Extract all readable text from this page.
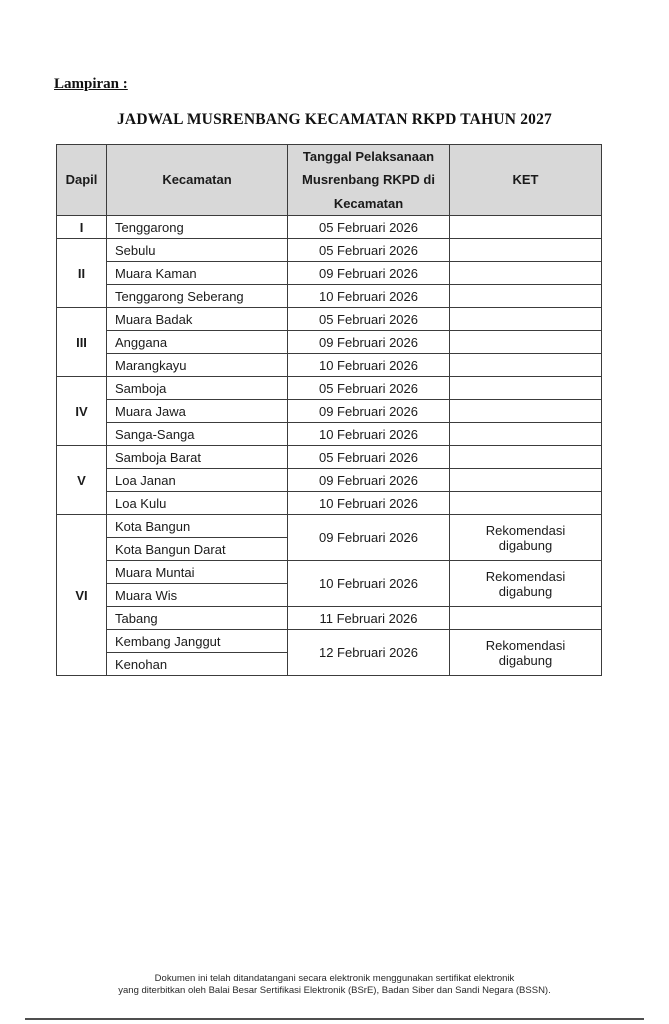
Lampiran :
JADWAL MUSRENBANG KECAMATAN RKPD TAHUN 2027
Dapil	Kecamatan	Tanggal Pelaksanaan Musrenbang RKPD di Kecamatan	KET
I	Tenggarong	05 Februari 2026	
II	Sebulu	05 Februari 2026	
	Muara Kaman	09 Februari 2026	
	Tenggarong Seberang	10 Februari 2026	
III	Muara Badak	05 Februari 2026	
	Anggana	09 Februari 2026	
	Marangkayu	10 Februari 2026	
IV	Samboja	05 Februari 2026	
	Muara Jawa	09 Februari 2026	
	Sanga-Sanga	10 Februari 2026	
V	Samboja Barat	05 Februari 2026	
	Loa Janan	09 Februari 2026	
	Loa Kulu	10 Februari 2026	
VI	Kota Bangun	09 Februari 2026	Rekomendasi digabung
	Kota Bangun Darat		
	Muara Muntai	10 Februari 2026	Rekomendasi digabung
	Muara Wis		
	Tabang	11 Februari 2026	
	Kembang Janggut	12 Februari 2026	Rekomendasi digabung
	Kenohan		
Dokumen ini telah ditandatangani secara elektronik menggunakan sertifikat elektronik
yang diterbitkan oleh Balai Besar Sertifikasi Elektronik (BSrE), Badan Siber dan Sandi Negara (BSSN).
